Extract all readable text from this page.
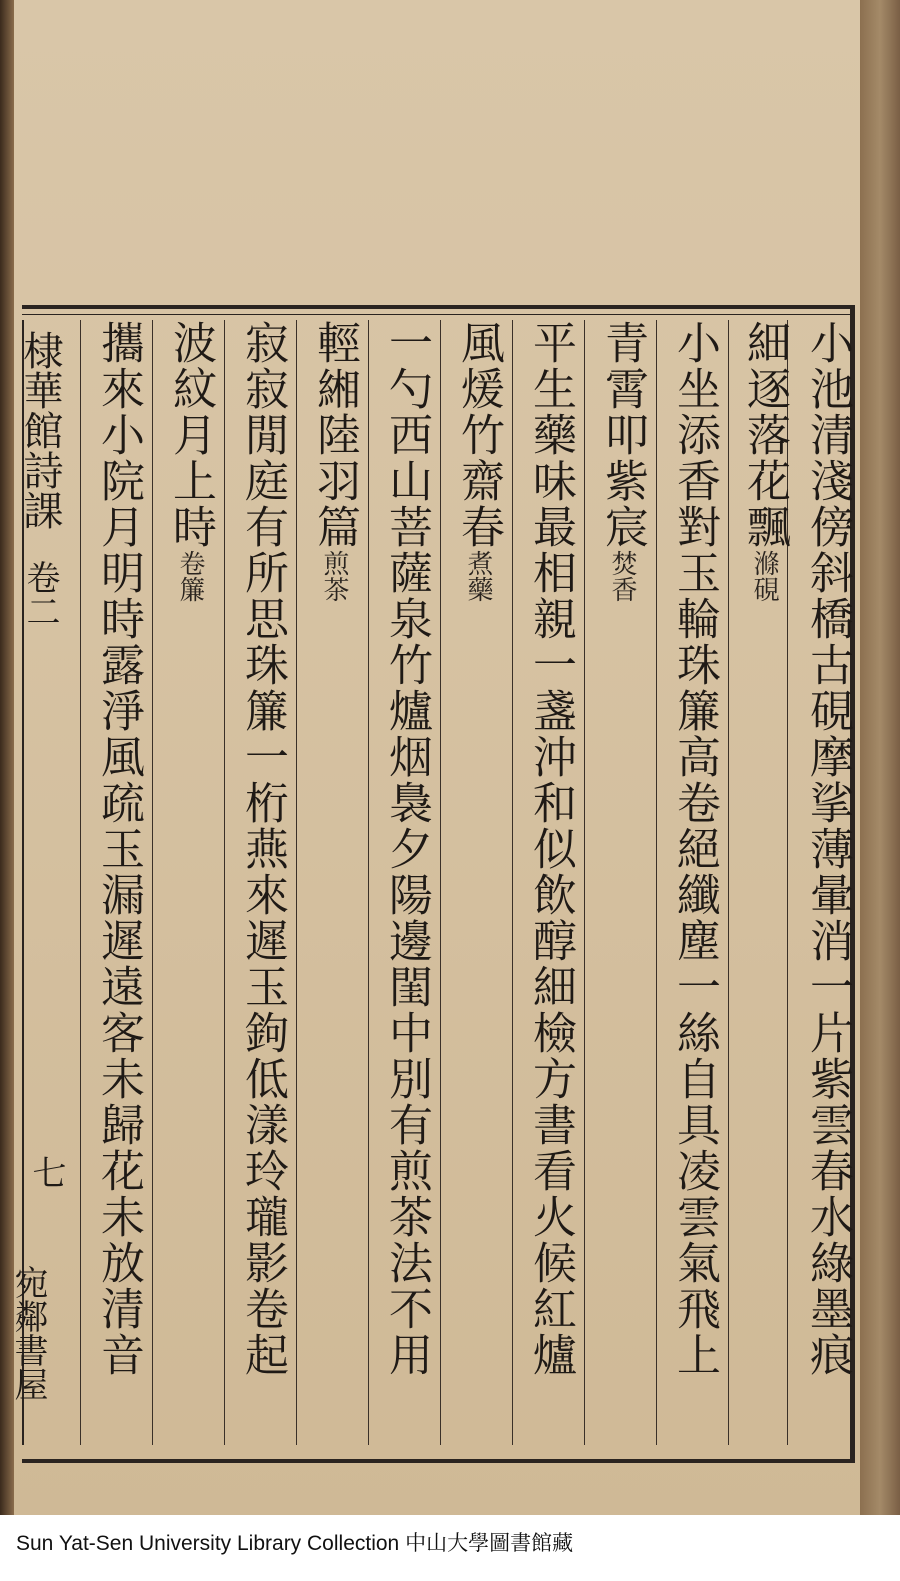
小池清淺傍斜橋古硯摩挲薄暈消一片紫雲春水綠墨痕
細逐落花飄滌硯
小坐添香對玉輪珠簾高卷絕纖塵一絲自具凌雲氣飛上
青霄叩紫宸焚香
平生藥味最相親一盞沖和似飲醇細檢方書看火候紅爐
風煖竹齋春煮藥
一勺西山菩薩泉竹爐烟裊夕陽邊閨中別有煎茶法不用
輕緗陸羽篇煎茶
寂寂閒庭有所思珠簾一桁燕來遲玉鉤低漾玲瓏影卷起
波紋月上時卷簾
攜來小院月明時露淨風疏玉漏遲遠客未歸花未放清音
棣華館詩課
卷二
七
宛鄰書屋
Sun Yat-Sen University Library Collection 中山大學圖書館藏
